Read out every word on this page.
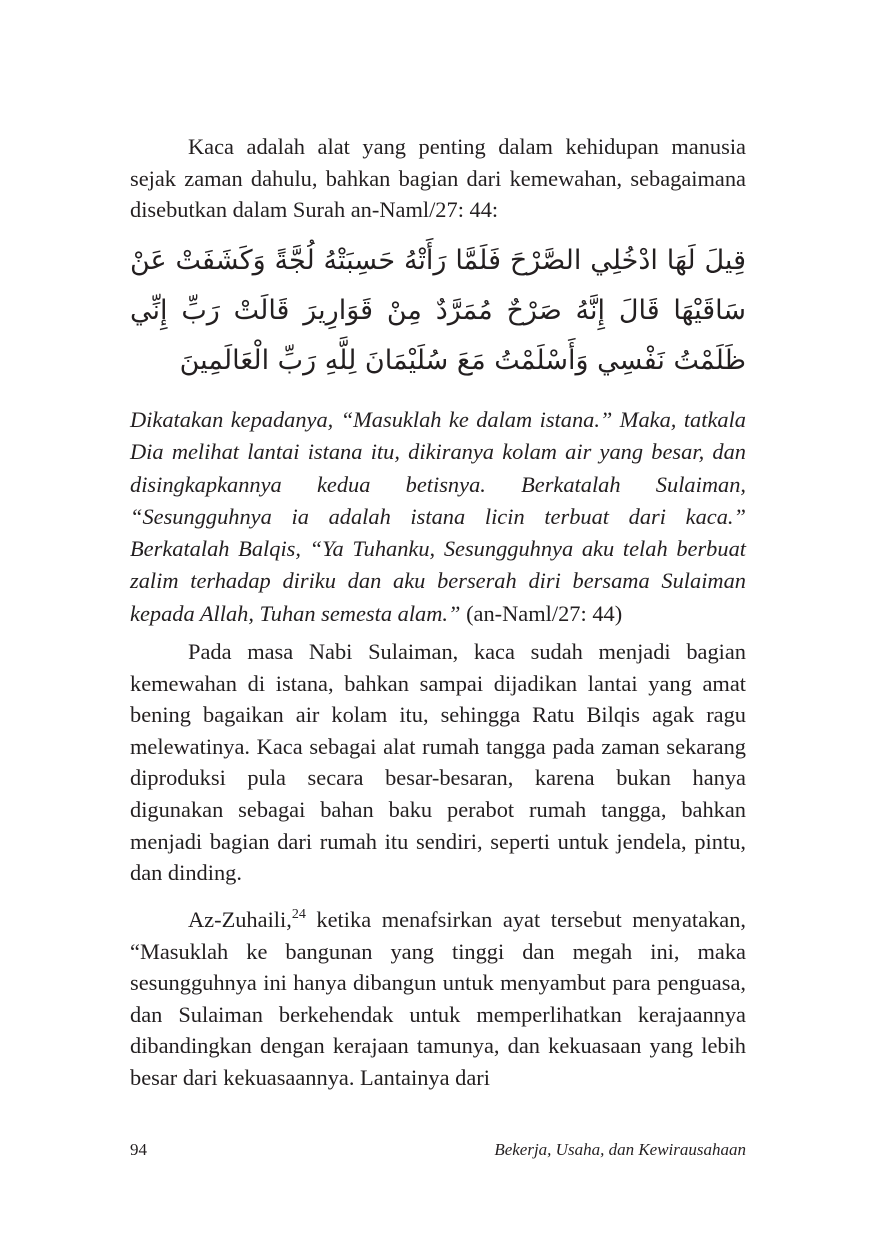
Kaca adalah alat yang penting dalam kehidupan manusia sejak zaman dahulu, bahkan bagian dari kemewahan, sebagaimana disebutkan dalam Surah an-Naml/27: 44:

قِيلَ لَهَا ادْخُلِي الصَّرْحَ فَلَمَّا رَأَتْهُ حَسِبَتْهُ لُجَّةً وَكَشَفَتْ عَنْ سَاقَيْهَا قَالَ إِنَّهُ صَرْحٌ مُمَرَّدٌ مِنْ قَوَارِيرَ قَالَتْ رَبِّ إِنِّي ظَلَمْتُ نَفْسِي وَأَسْلَمْتُ مَعَ سُلَيْمَانَ لِلَّهِ رَبِّ الْعَالَمِينَ

Dikatakan kepadanya, “Masuklah ke dalam istana.” Maka, tatkala Dia melihat lantai istana itu, dikiranya kolam air yang besar, dan disingkapkannya kedua betisnya. Berkatalah Sulaiman, “Sesungguhnya ia adalah istana licin terbuat dari kaca.” Berkatalah Balqis, “Ya Tuhanku, Sesungguhnya aku telah berbuat zalim terhadap diriku dan aku berserah diri bersama Sulaiman kepada Allah, Tuhan semesta alam.” (an-Naml/27: 44)

Pada masa Nabi Sulaiman, kaca sudah menjadi bagian kemewahan di istana, bahkan sampai dijadikan lantai yang amat bening bagaikan air kolam itu, sehingga Ratu Bilqis agak ragu melewatinya. Kaca sebagai alat rumah tangga pada zaman sekarang diproduksi pula secara besar-besaran, karena bukan hanya digunakan sebagai bahan baku perabot rumah tangga, bahkan menjadi bagian dari rumah itu sendiri, seperti untuk jendela, pintu, dan dinding.

Az-Zuhaili,$^{24}$ ketika menafsirkan ayat tersebut menyatakan, “Masuklah ke bangunan yang tinggi dan megah ini, maka sesungguhnya ini hanya dibangun untuk menyambut para penguasa, dan Sulaiman berkehendak untuk memperlihatkan kerajaannya dibandingkan dengan kerajaan tamunya, dan kekuasaan yang lebih besar dari kekuasaannya. Lantainya dari

94	Bekerja, Usaha, dan Kewirausahaan
